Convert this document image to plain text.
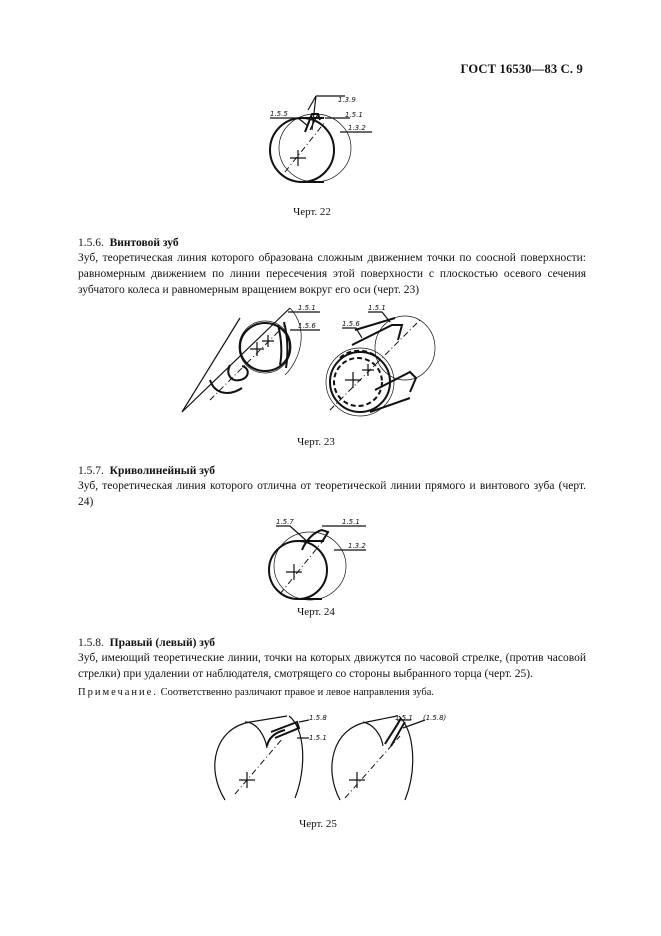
ГОСТ 16530—83 С. 9
1.5.5
1.3.9
1.5.1
1.3.2
Черт. 22
1.5.6. Винтовой зуб
Зуб, теоретическая линия которого образована сложным движением точки по соосной поверхности: равномерным движением по линии пересечения этой поверхности с плоскостью осевого сечения зубчатого колеса и равномерным вращением вокруг его оси (черт. 23)
1.5.1
1.5.6
1.5.1
1.5.6
Черт. 23
1.5.7. Криволинейный зуб
Зуб, теоретическая линия которого отлична от теоретической линии прямого и винтового зуба (черт. 24)
1.5.7	1.5.1
1.3.2
Черт. 24
1.5.8. Правый (левый) зуб
Зуб, имеющий теоретические линии, точки на которых движутся по часовой стрелке, (против часовой стрелки) при удалении от наблюдателя, смотрящего со стороны выбранного торца (черт. 25).
Примечание. Соответственно различают правое и левое направления зуба.
1.5.8
1.5.1
1.5.1 (1.5.8)
Черт. 25
